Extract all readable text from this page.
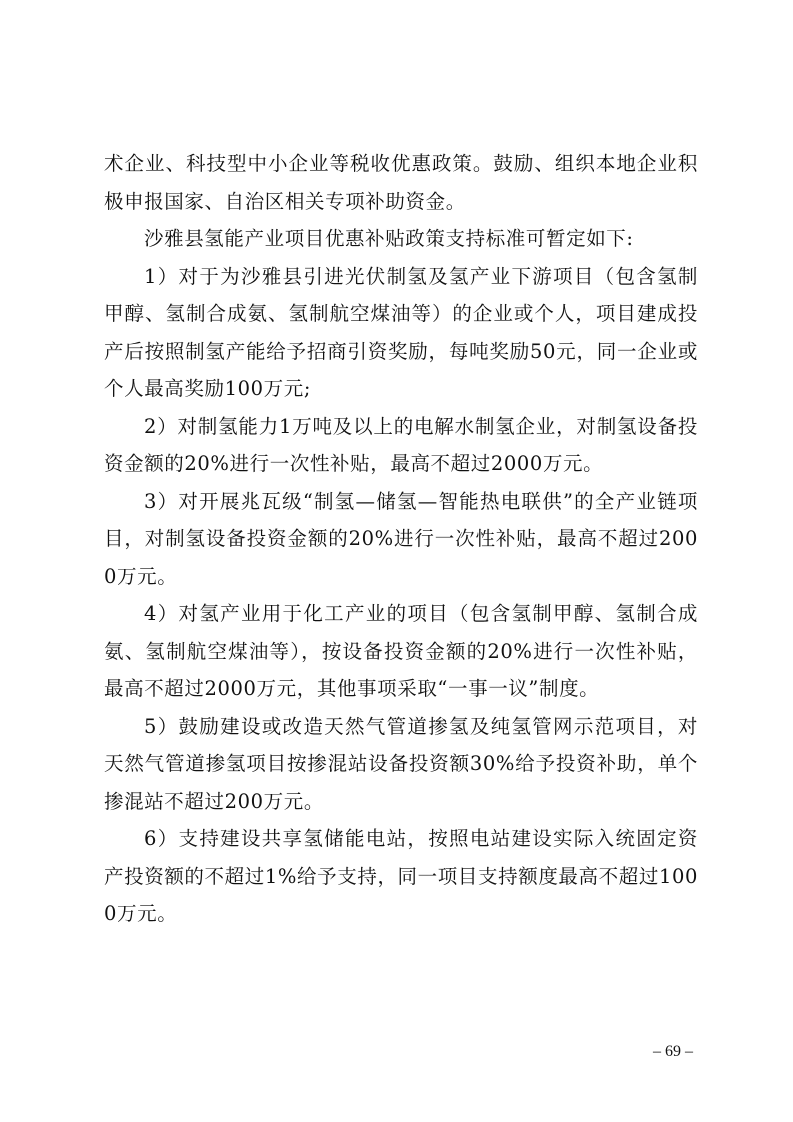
术企业、科技型中小企业等税收优惠政策。鼓励、组织本地企业积极申报国家、自治区相关专项补助资金。

沙雅县氢能产业项目优惠补贴政策支持标准可暂定如下:

1）对于为沙雅县引进光伏制氢及氢产业下游项目（包含氢制甲醇、氢制合成氨、氢制航空煤油等）的企业或个人，项目建成投产后按照制氢产能给予招商引资奖励，每吨奖励50元，同一企业或个人最高奖励100万元;

2）对制氢能力1万吨及以上的电解水制氢企业，对制氢设备投资金额的20%进行一次性补贴，最高不超过2000万元。

3）对开展兆瓦级“制氢—储氢—智能热电联供”的全产业链项目，对制氢设备投资金额的20%进行一次性补贴，最高不超过2000万元。

4）对氢产业用于化工产业的项目（包含氢制甲醇、氢制合成氨、氢制航空煤油等），按设备投资金额的20%进行一次性补贴，最高不超过2000万元，其他事项采取“一事一议”制度。

5）鼓励建设或改造天然气管道掺氢及纯氢管网示范项目，对天然气管道掺氢项目按掺混站设备投资额30%给予投资补助，单个掺混站不超过200万元。

6）支持建设共享氢储能电站，按照电站建设实际入统固定资产投资额的不超过1%给予支持，同一项目支持额度最高不超过1000万元。

– 69 –
